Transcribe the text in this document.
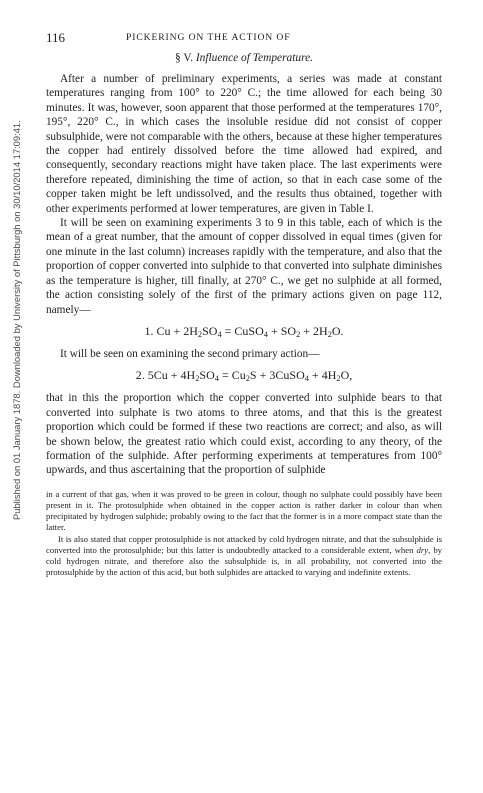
Published on 01 January 1878. Downloaded by University of Pittsburgh on 30/10/2014 17:09:41.
116	PICKERING ON THE ACTION OF
§ V. Influence of Temperature.

After a number of preliminary experiments, a series was made at constant temperatures ranging from 100° to 220° C.; the time allowed for each being 30 minutes. It was, however, soon apparent that those performed at the temperatures 170°, 195°, 220° C., in which cases the insoluble residue did not consist of copper subsulphide, were not comparable with the others, because at these higher temperatures the copper had entirely dissolved before the time allowed had expired, and consequently, secondary reactions might have taken place. The last experiments were therefore repeated, diminishing the time of action, so that in each case some of the copper taken might be left undissolved, and the results thus obtained, together with other experiments performed at lower temperatures, are given in Table I.

It will be seen on examining experiments 3 to 9 in this table, each of which is the mean of a great number, that the amount of copper dissolved in equal times (given for one minute in the last column) increases rapidly with the temperature, and also that the proportion of copper converted into sulphide to that converted into sulphate diminishes as the temperature is higher, till finally, at 270° C., we get no sulphide at all formed, the action consisting solely of the first of the primary actions given on page 112, namely—

1. $Cu + 2H_2SO_4$ = CuSO$_4$ + $SO_2 + 2H_2O$.

It will be seen on examining the second primary action—

2. $5Cu + 4H_2SO_4 = Cu_2S$ + 3CuSO$_4$ + $4H_2O$,

that in this the proportion which the copper converted into sulphide bears to that converted into sulphate is two atoms to three atoms, and that this is the greatest proportion which could be formed if these two reactions are correct; and also, as will be shown below, the greatest ratio which could exist, according to any theory, of the formation of the sulphide. After performing experiments at temperatures from 100° upwards, and thus ascertaining that the proportion of sulphide

in a current of that gas, when it was proved to be green in colour, though no sulphate could possibly have been present in it. The protosulphide when obtained in the copper action is rather darker in colour than when precipitated by hydrogen sulphide; probably owing to the fact that the former is in a more compact state than the latter.

It is also stated that copper protosulphide is not attacked by cold hydrogen nitrate, and that the subsulphide is converted into the protosulphide; but this latter is undoubtedly attacked to a considerable extent, when dry, by cold hydrogen nitrate, and therefore also the subsulphide is, in all probability, not converted into the protosulphide by the action of this acid, but both sulphides are attacked to varying and indefinite extents.
